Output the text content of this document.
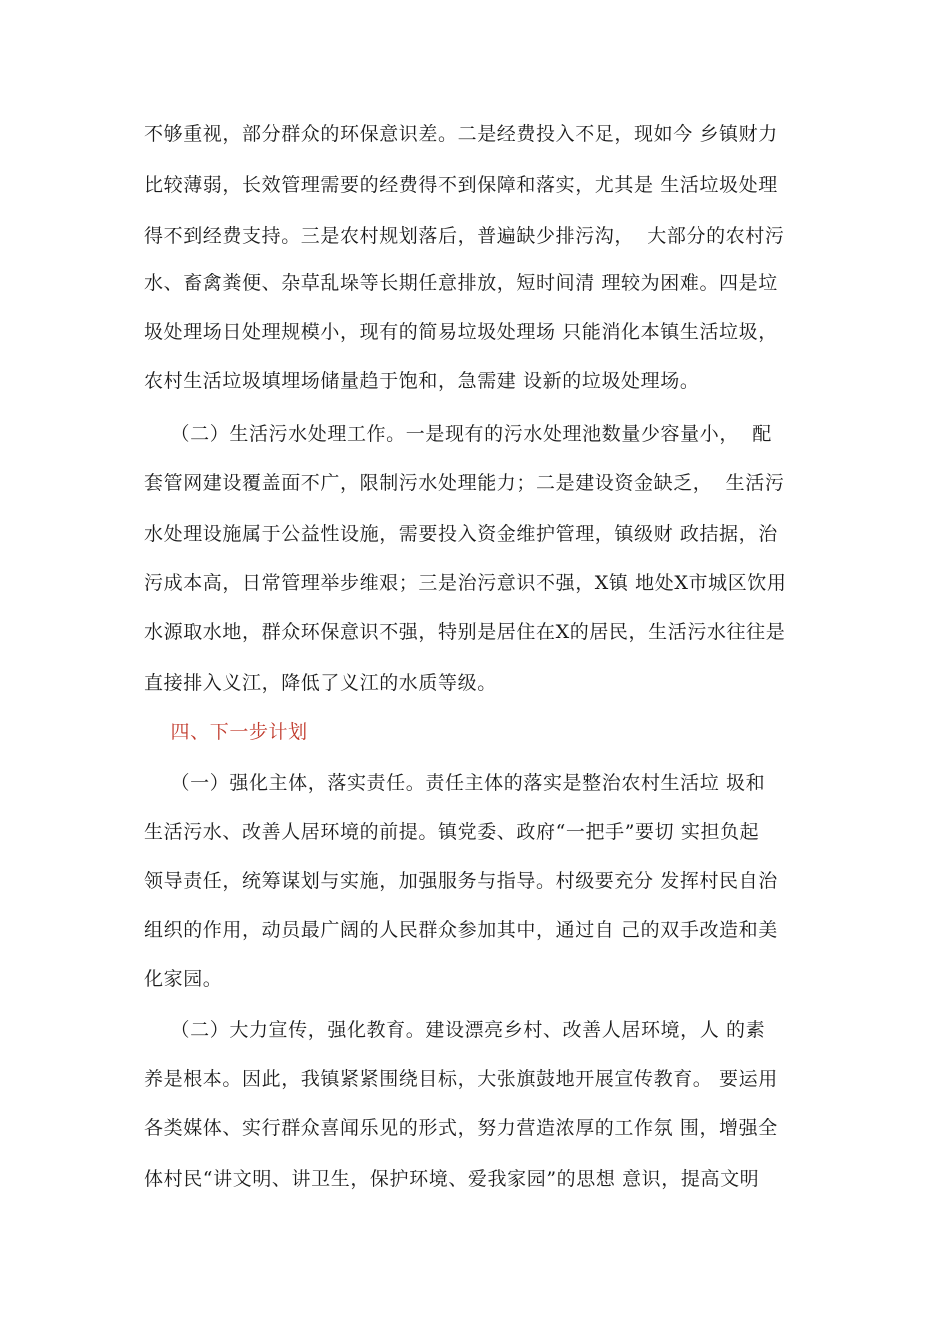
不够重视，部分群众的环保意识差。二是经费投入不足，现如今 乡镇财力
比较薄弱，长效管理需要的经费得不到保障和落实，尤其是 生活垃圾处理
得不到经费支持。三是农村规划落后，普遍缺少排污沟，  大部分的农村污
水、畜禽粪便、杂草乱垛等长期任意排放，短时间清 理较为困难。四是垃
圾处理场日处理规模小，现有的简易垃圾处理场 只能消化本镇生活垃圾，
农村生活垃圾填埋场储量趋于饱和，急需建 设新的垃圾处理场。
（二）生活污水处理工作。一是现有的污水处理池数量少容量小，  配
套管网建设覆盖面不广，限制污水处理能力；二是建设资金缺乏，  生活污
水处理设施属于公益性设施，需要投入资金维护管理，镇级财 政拮据，治
污成本高，日常管理举步维艰；三是治污意识不强，X镇 地处X市城区饮用
水源取水地，群众环保意识不强，特别是居住在X的居民，生活污水往往是
直接排入义江，降低了义江的水质等级。
四、下一步计划
（一）强化主体，落实责任。责任主体的落实是整治农村生活垃 圾和
生活污水、改善人居环境的前提。镇党委、政府“一把手”要切 实担负起
领导责任，统筹谋划与实施，加强服务与指导。村级要充分 发挥村民自治
组织的作用，动员最广阔的人民群众参加其中，通过自 己的双手改造和美
化家园。
（二）大力宣传，强化教育。建设漂亮乡村、改善人居环境，人 的素
养是根本。因此，我镇紧紧围绕目标，大张旗鼓地开展宣传教育。 要运用
各类媒体、实行群众喜闻乐见的形式，努力营造浓厚的工作氛 围，增强全
体村民“讲文明、讲卫生，保护环境、爱我家园”的思想 意识，提高文明
